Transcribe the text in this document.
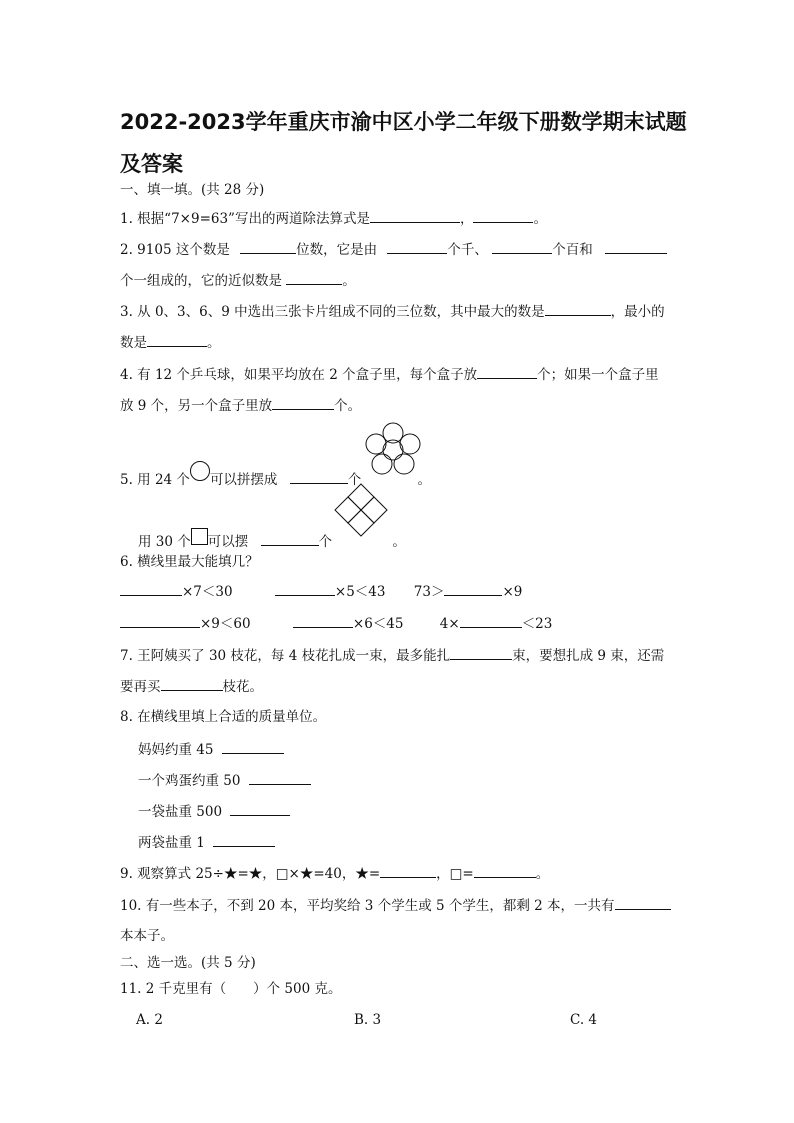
2022-2023学年重庆市渝中区小学二年级下册数学期末试题
及答案
一、填一填。(共 28 分)
1. 根据“7×9=63”写出的两道除法算式是	，	。
2. 9105 这个数是	位数，它是由	个千、	个百和
个一组成的，它的近似数是	。
3. 从 0、3、6、9 中选出三张卡片组成不同的三位数，其中最大的数是	，最小的
数是	。
4. 有 12 个乒乓球，如果平均放在 2 个盒子里，每个盒子放	个；如果一个盒子里
放 9 个，另一个盒子里放	个。
5. 用 24 个 可以拼摆成	个	。
用 30 个 可以摆	个	。
6. 横线里最大能填几？
×7＜30	×5＜43 73＞	×9
×9＜60	×6＜45	4×	＜23
7. 王阿姨买了 30 枝花，每 4 枝花扎成一束，最多能扎	束，要想扎成 9 束，还需
要再买	枝花。
8. 在横线里填上合适的质量单位。
妈妈约重 45
一个鸡蛋约重 50
一袋盐重 500
两袋盐重 1
9. 观察算式 25÷★=★，□×★=40，★=	，□=	。
10. 有一些本子，不到 20 本，平均奖给 3 个学生或 5 个学生，都剩 2 本，一共有
本本子。
二、选一选。(共 5 分)
11. 2 千克里有（　　）个 500 克。
A. 2	B. 3	C. 4
